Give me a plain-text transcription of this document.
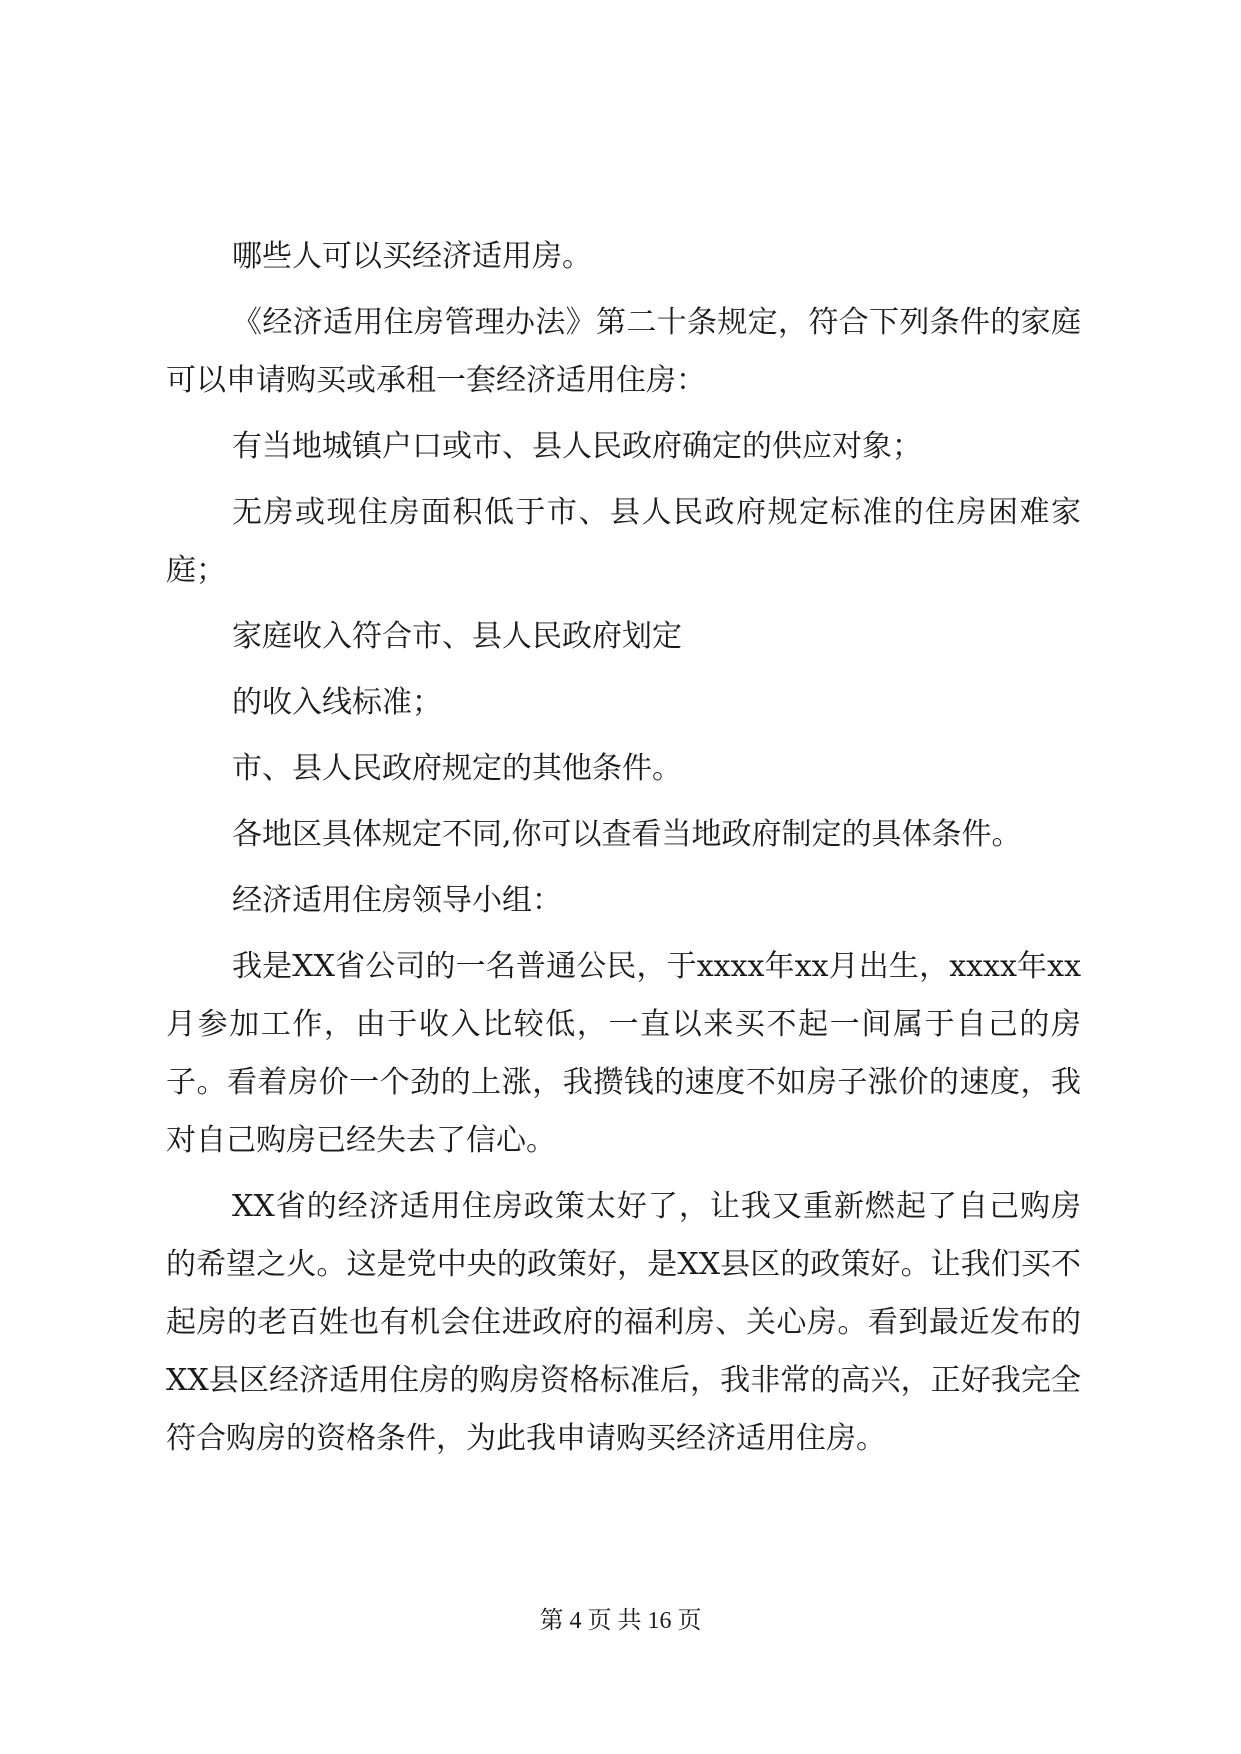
哪些人可以买经济适用房。

《经济适用住房管理办法》第二十条规定，符合下列条件的家庭可以申请购买或承租一套经济适用住房：

有当地城镇户口或市、县人民政府确定的供应对象；

无房或现住房面积低于市、县人民政府规定标准的住房困难家庭；

家庭收入符合市、县人民政府划定

的收入线标准；

市、县人民政府规定的其他条件。

各地区具体规定不同,你可以查看当地政府制定的具体条件。

经济适用住房领导小组：

我是XX省公司的一名普通公民，于xxxx年xx月出生，xxxx年xx月参加工作，由于收入比较低，一直以来买不起一间属于自己的房子。看着房价一个劲的上涨，我攒钱的速度不如房子涨价的速度，我对自己购房已经失去了信心。

XX省的经济适用住房政策太好了，让我又重新燃起了自己购房的希望之火。这是党中央的政策好，是XX县区的政策好。让我们买不起房的老百姓也有机会住进政府的福利房、关心房。看到最近发布的XX县区经济适用住房的购房资格标准后，我非常的高兴，正好我完全符合购房的资格条件，为此我申请购买经济适用住房。

第 4 页 共 16 页
